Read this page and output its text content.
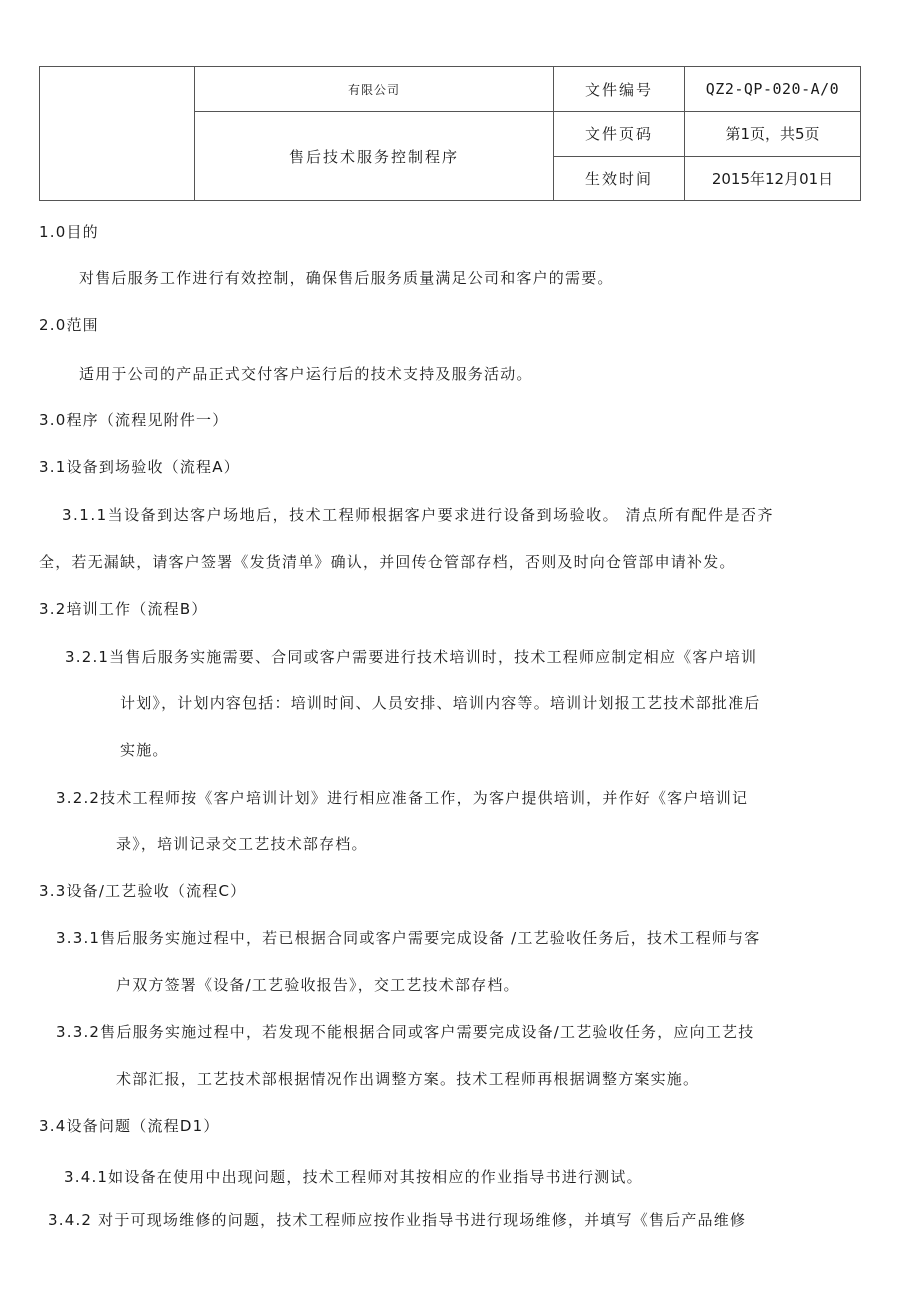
	有限公司	文件编号	QZ2-QP-020-A/0
	售后技术服务控制程序	文件页码	第1页，共5页
		生效时间	2015年12月01日
1.0目的
对售后服务工作进行有效控制，确保售后服务质量满足公司和客户的需要。
2.0范围
适用于公司的产品正式交付客户运行后的技术支持及服务活动。
3.0程序（流程见附件一）
3.1设备到场验收（流程A）
3.1.1当设备到达客户场地后，技术工程师根据客户要求进行设备到场验收。 清点所有配件是否齐
全，若无漏缺，请客户签署《发货清单》确认，并回传仓管部存档，否则及时向仓管部申请补发。
3.2培训工作（流程B）
3.2.1当售后服务实施需要、合同或客户需要进行技术培训时，技术工程师应制定相应《客户培训
计划》，计划内容包括：培训时间、人员安排、培训内容等。培训计划报工艺技术部批准后
实施。
3.2.2技术工程师按《客户培训计划》进行相应准备工作，为客户提供培训，并作好《客户培训记
录》，培训记录交工艺技术部存档。
3.3设备/工艺验收（流程C）
3.3.1售后服务实施过程中，若已根据合同或客户需要完成设备 /工艺验收任务后，技术工程师与客
户双方签署《设备/工艺验收报告》，交工艺技术部存档。
3.3.2售后服务实施过程中，若发现不能根据合同或客户需要完成设备/工艺验收任务，应向工艺技
术部汇报，工艺技术部根据情况作出调整方案。技术工程师再根据调整方案实施。
3.4设备问题（流程D1）
3.4.1如设备在使用中出现问题，技术工程师对其按相应的作业指导书进行测试。
3.4.2 对于可现场维修的问题，技术工程师应按作业指导书进行现场维修，并填写《售后产品维修
